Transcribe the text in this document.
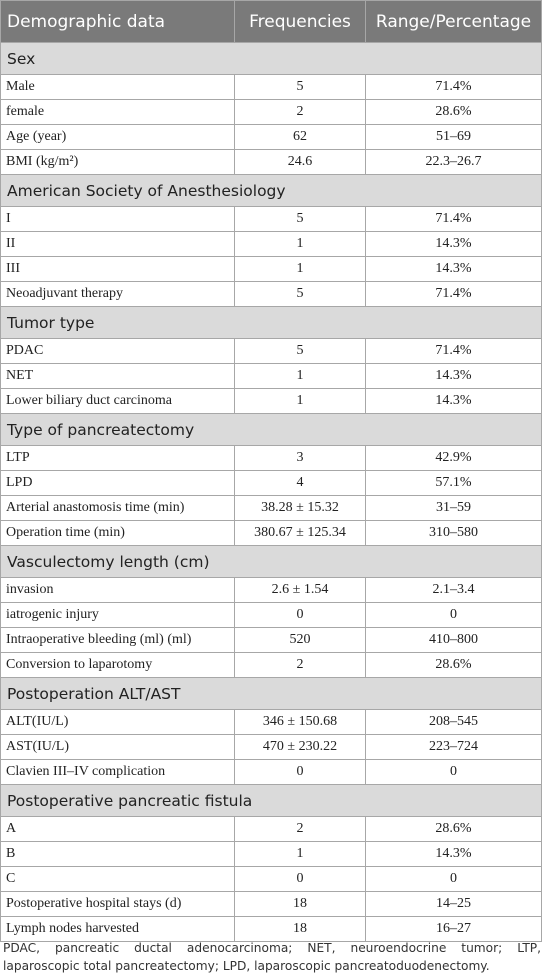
Demographic data	Frequencies	Range/Percentage
Sex		
Male	5	71.4%
female	2	28.6%
Age (year)	62	51–69
BMI (kg/m²)	24.6	22.3–26.7
American Society of Anesthesiology		
I	5	71.4%
II	1	14.3%
III	1	14.3%
Neoadjuvant therapy	5	71.4%
Tumor type		
PDAC	5	71.4%
NET	1	14.3%
Lower biliary duct carcinoma	1	14.3%
Type of pancreatectomy		
LTP	3	42.9%
LPD	4	57.1%
Arterial anastomosis time (min)	38.28 ± 15.32	31–59
Operation time (min)	380.67 ± 125.34	310–580
Vasculectomy length (cm)		
invasion	2.6 ± 1.54	2.1–3.4
iatrogenic injury	0	0
Intraoperative bleeding (ml) (ml)	520	410–800
Conversion to laparotomy	2	28.6%
Postoperation ALT/AST		
ALT(IU/L)	346 ± 150.68	208–545
AST(IU/L)	470 ± 230.22	223–724
Clavien III–IV complication	0	0
Postoperative pancreatic fistula		
A	2	28.6%
B	1	14.3%
C	0	0
Postoperative hospital stays (d)	18	14–25
Lymph nodes harvested	18	16–27
PDAC, pancreatic ductal adenocarcinoma; NET, neuroendocrine tumor; LTP, laparoscopic total pancreatectomy; LPD, laparoscopic pancreatoduodenectomy.
